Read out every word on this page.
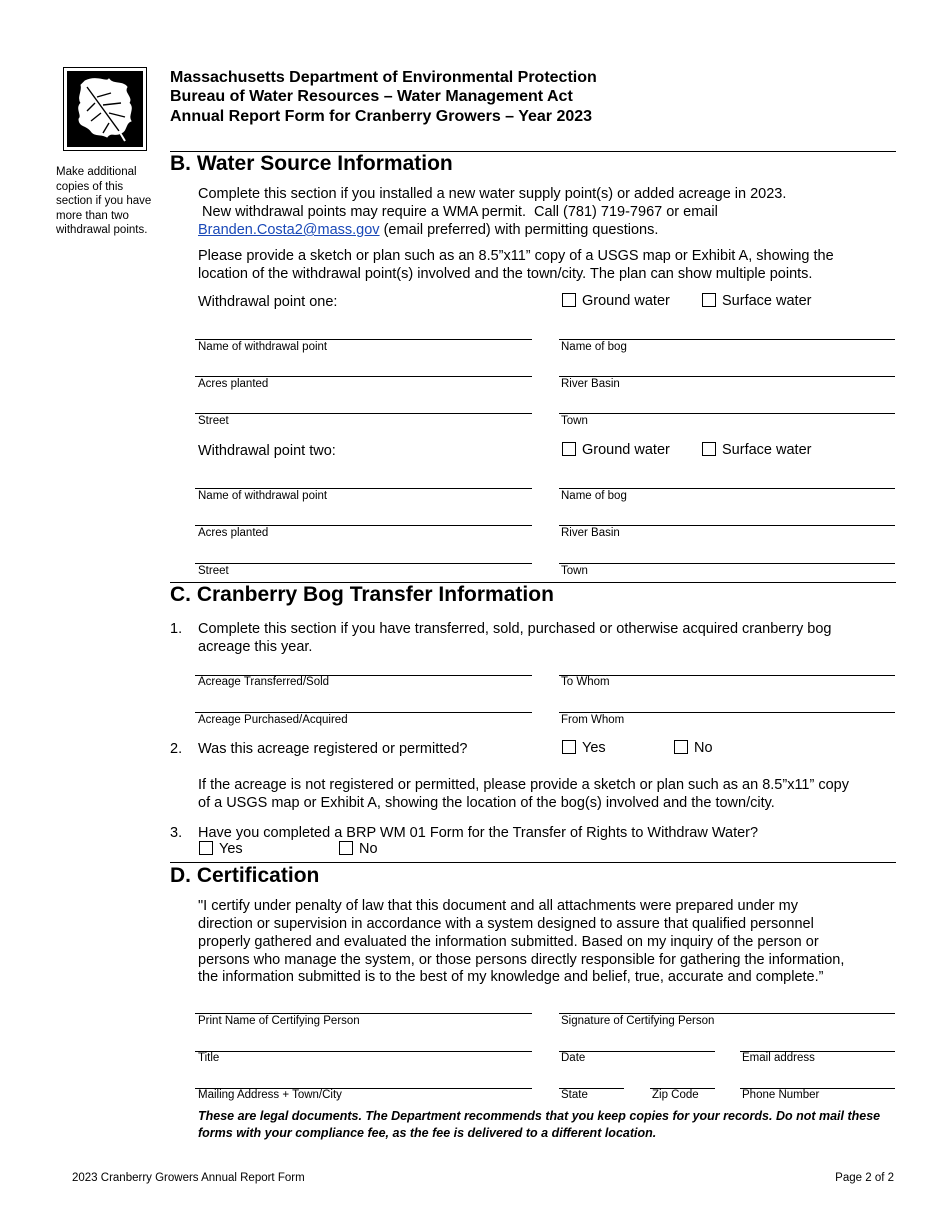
Massachusetts Department of Environmental Protection
Bureau of Water Resources – Water Management Act
Annual Report Form for Cranberry Growers – Year 2023
Make additional copies of this section if you have more than two withdrawal points.
B. Water Source Information
Complete this section if you installed a new water supply point(s) or added acreage in 2023.
New withdrawal points may require a WMA permit.  Call (781) 719-7967 or email
Branden.Costa2@mass.gov (email preferred) with permitting questions.
Please provide a sketch or plan such as an 8.5”x11” copy of a USGS map or Exhibit A, showing the
location of the withdrawal point(s) involved and the town/city. The plan can show multiple points.
Withdrawal point one:	Ground water	Surface water
Name of withdrawal point	Name of bog
Acres planted	River Basin
Street	Town
Withdrawal point two:	Ground water	Surface water
Name of withdrawal point	Name of bog
Acres planted	River Basin
Street	Town
C. Cranberry Bog Transfer Information
1. Complete this section if you have transferred, sold, purchased or otherwise acquired cranberry bog
acreage this year.
Acreage Transferred/Sold	To Whom
Acreage Purchased/Acquired	From Whom
2. Was this acreage registered or permitted?	Yes	No
If the acreage is not registered or permitted, please provide a sketch or plan such as an 8.5”x11” copy
of a USGS map or Exhibit A, showing the location of the bog(s) involved and the town/city.
3. Have you completed a BRP WM 01 Form for the Transfer of Rights to Withdraw Water?
Yes	No
D. Certification
"I certify under penalty of law that this document and all attachments were prepared under my
direction or supervision in accordance with a system designed to assure that qualified personnel
properly gathered and evaluated the information submitted. Based on my inquiry of the person or
persons who manage the system, or those persons directly responsible for gathering the information,
the information submitted is to the best of my knowledge and belief, true, accurate and complete.”
Print Name of Certifying Person	Signature of Certifying Person
Title	Date	Email address
Mailing Address + Town/City	State	Zip Code	Phone Number
These are legal documents. The Department recommends that you keep copies for your records. Do not mail these forms with your compliance fee, as the fee is delivered to a different location.
2023 Cranberry Growers Annual Report Form	Page 2 of 2
